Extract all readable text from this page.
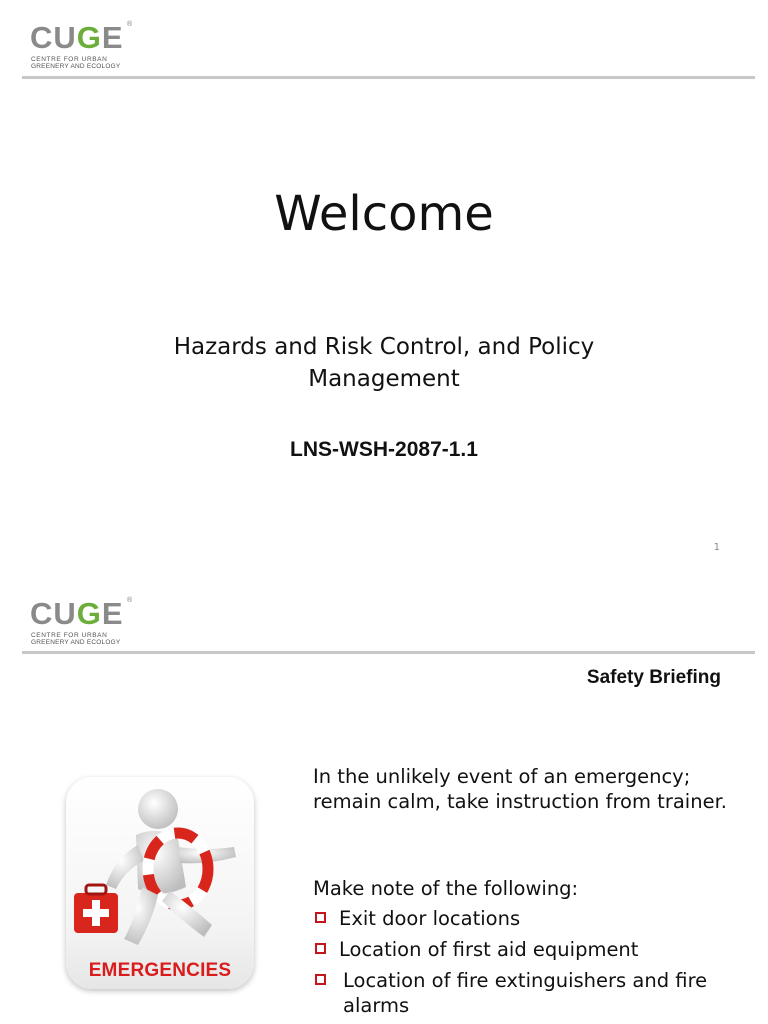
CUGE ®
CENTRE FOR URBAN
GREENERY AND ECOLOGY
Welcome
Hazards and Risk Control, and Policy Management
LNS-WSH-2087-1.1
1
CUGE ®
CENTRE FOR URBAN
GREENERY AND ECOLOGY
Safety Briefing
EMERGENCIES
In the unlikely event of an emergency; remain calm, take instruction from trainer.
Make note of the following:
Exit door locations
Location of first aid equipment
Location of fire extinguishers and fire alarms
